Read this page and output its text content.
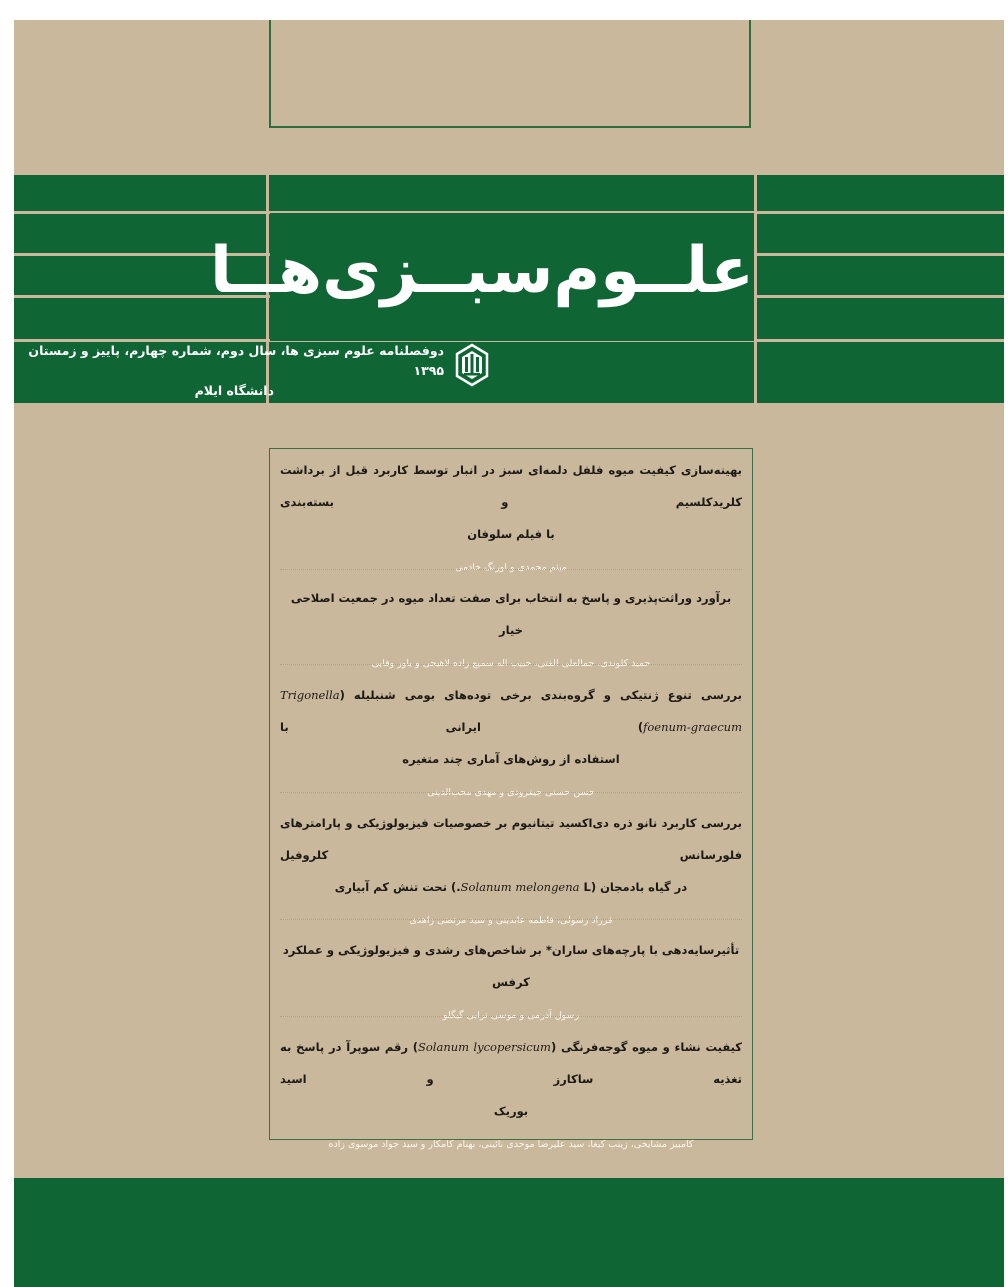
علــوم‌سبــزی‌هــا
دوفصلنامه علوم سبزی ها، سال دوم، شماره چهارم، پاییز و زمستان ۱۳۹۵
دانشگاه ایلام
بهینه‌سازی کیفیت میوه فلفل دلمه‌ای سبز در انبار توسط کاربرد قبل از برداشت کلرید‌کلسیم و بسته‌بندی
با فیلم سلوفان
میثم محمدی و اورنگ خادمی
برآورد وراثت‌پذیری و پاسخ به انتخاب برای صفت تعداد میوه در جمعیت اصلاحی خیار
حمید کلوندی، جمالعلی الفتی، حبیب اله سمیع زاده لاهیجی و یاور وفایی
بررسی تنوع ژنتیکی و گروه‌بندی برخی توده‌های بومی شنبلیله (Trigonella foenum-graecum) ایرانی با
استفاده از روش‌های آماری چند متغیره
حسن حسنی جیفرودی و مهدی محب‌الدینی
بررسی کاربرد نانو ذره دی‌اکسید تیتانیوم بر خصوصیات فیزیولوژیکی و پارامترهای فلورسانس کلروفیل
در گیاه بادمجان (Solanum melongena L.) تحت تنش کم آبیاری
فرزاد رسولی، فاطمه عابدینی و سید مرتضی زاهدی
تأثیرسایه‌دهی با پارچه‌های ساران* بر شاخص‌های رشدی و فیزیولوژیکی و عملکرد کرفس
رسول آذرمی و موسی ترابی گیگلو
کیفیت نشاء و میوه گوجه‌فرنگی (Solanum lycopersicum) رقم سوپرآ در پاسخ به تغذیه ساکارز و اسید
بوریک
کامبیز مشایخی، زینب کیغا، سید علیرضا موحدی نائینی، بهنام کامکار و سید جواد موسوی زاده
